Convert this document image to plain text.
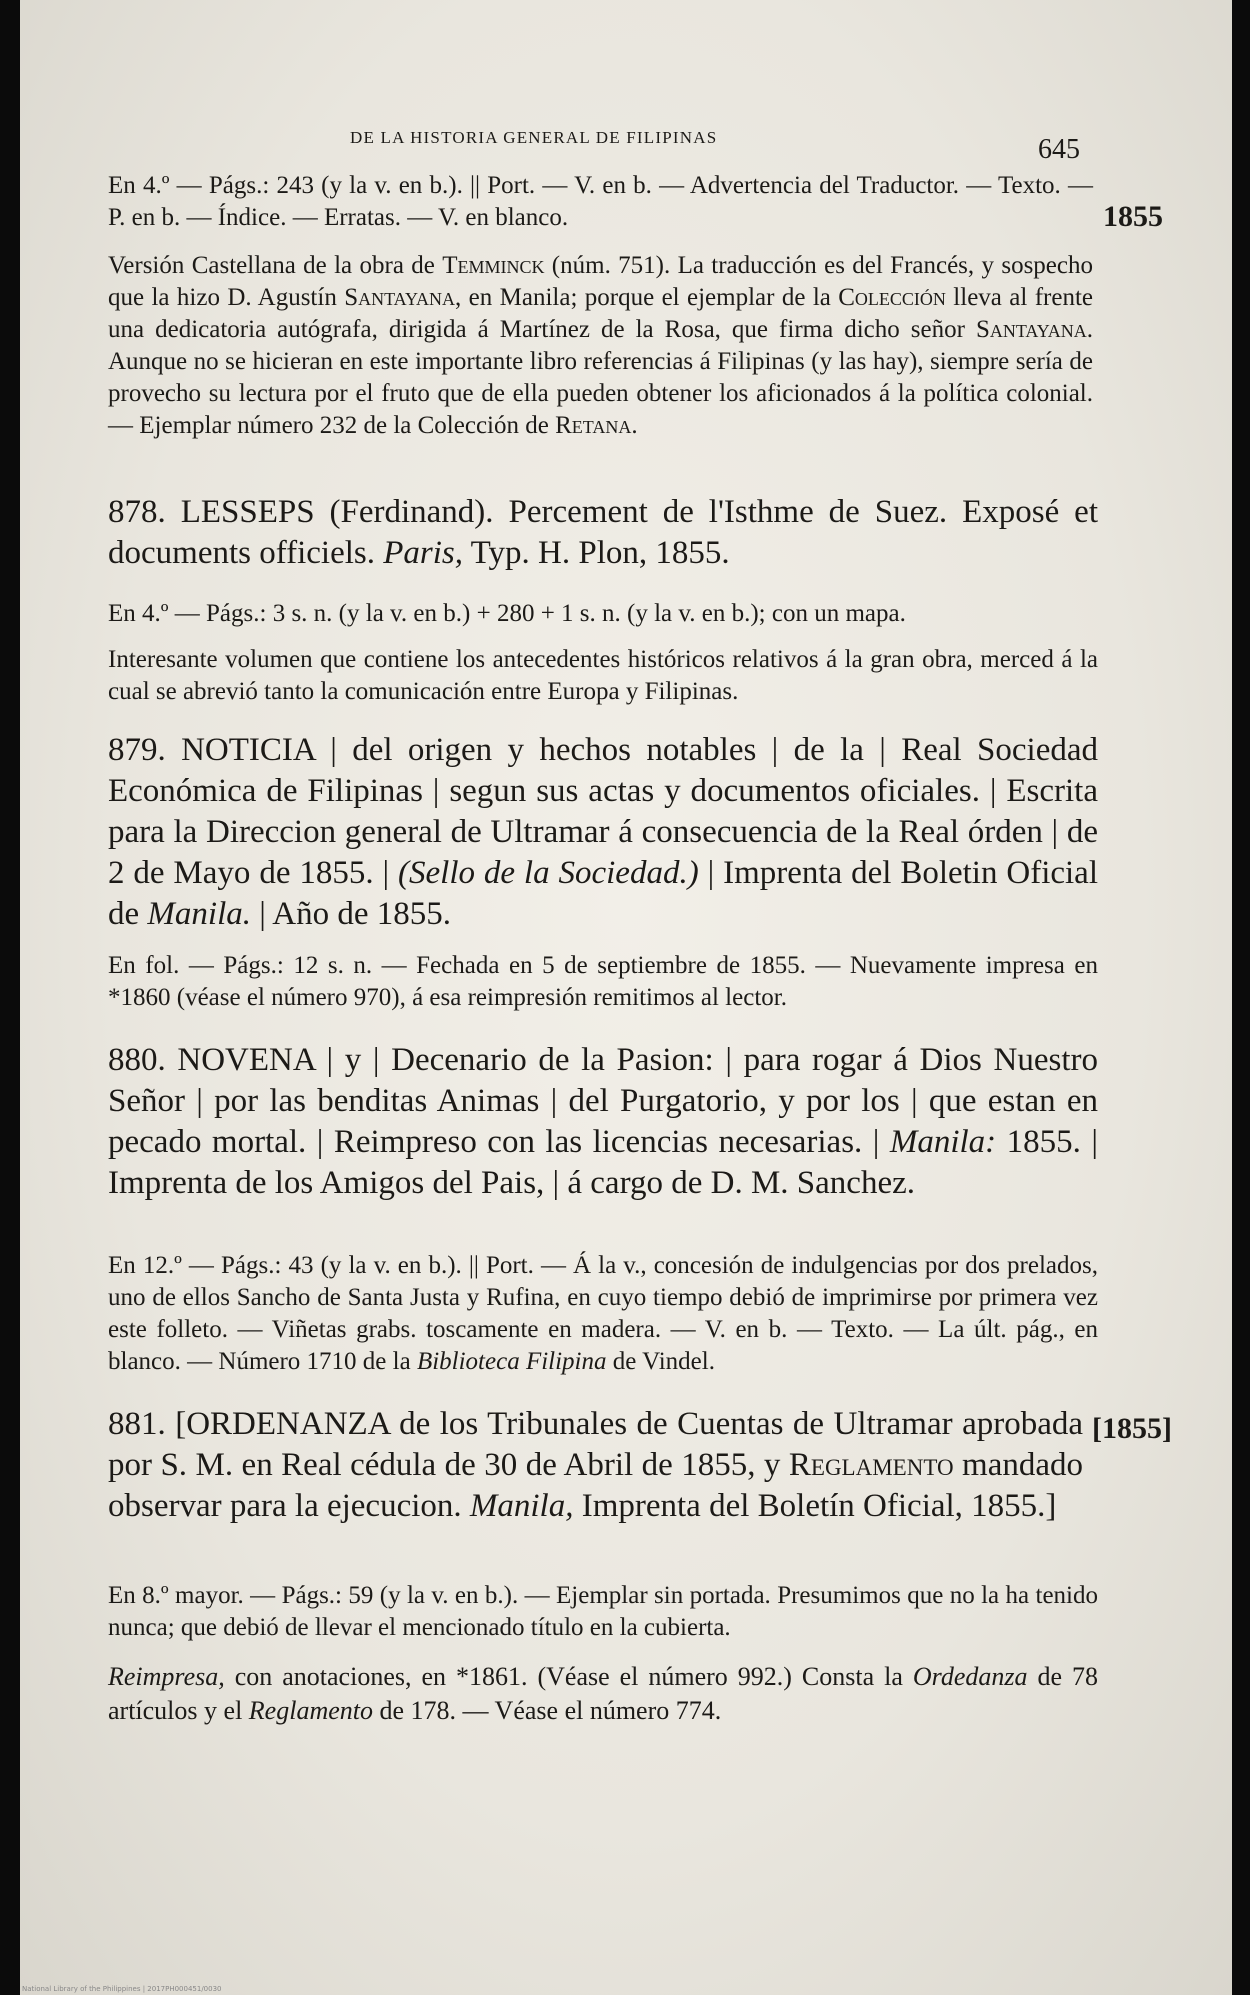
DE LA HISTORIA GENERAL DE FILIPINAS	645
1855
En 4.º — Págs.: 243 (y la v. en b.). || Port. — V. en b. — Advertencia del Traductor. — Texto. — P. en b. — Índice. — Erratas. — V. en blanco.
Versión Castellana de la obra de Temminck (núm. 751). La traducción es del Francés, y sospecho que la hizo D. Agustín Santayana, en Manila; porque el ejemplar de la Colección lleva al frente una dedicatoria autógrafa, dirigida á Martínez de la Rosa, que firma dicho señor Santayana. Aunque no se hicieran en este importante libro referencias á Filipinas (y las hay), siempre sería de provecho su lectura por el fruto que de ella pueden obtener los aficionados á la política colonial. — Ejemplar número 232 de la Colección de Retana.
878. LESSEPS (Ferdinand). Percement de l'Isthme de Suez. Exposé et documents officiels. Paris, Typ. H. Plon, 1855.
En 4.º — Págs.: 3 s. n. (y la v. en b.) + 280 + 1 s. n. (y la v. en b.); con un mapa.
Interesante volumen que contiene los antecedentes históricos relativos á la gran obra, merced á la cual se abrevió tanto la comunicación entre Europa y Filipinas.
879. NOTICIA | del origen y hechos notables | de la | Real Sociedad Económica de Filipinas | segun sus actas y documentos oficiales. | Escrita para la Direccion general de Ultramar á consecuencia de la Real órden | de 2 de Mayo de 1855. | (Sello de la Sociedad.) | Imprenta del Boletin Oficial de Manila. | Año de 1855.
En fol. — Págs.: 12 s. n. — Fechada en 5 de septiembre de 1855. — Nuevamente impresa en *1860 (véase el número 970), á esa reimpresión remitimos al lector.
880. NOVENA | y | Decenario de la Pasion: | para rogar á Dios Nuestro Señor | por las benditas Animas | del Purgatorio, y por los | que estan en pecado mortal. | Reimpreso con las licencias necesarias. | Manila: 1855. | Imprenta de los Amigos del Pais, | á cargo de D. M. Sanchez.
En 12.º — Págs.: 43 (y la v. en b.). || Port. — Á la v., concesión de indulgencias por dos prelados, uno de ellos Sancho de Santa Justa y Rufina, en cuyo tiempo debió de imprimirse por primera vez este folleto. — Viñetas grabs. toscamente en madera. — V. en b. — Texto. — La últ. pág., en blanco. — Número 1710 de la Biblioteca Filipina de Vindel.
[1855]
881. [ORDENANZA de los Tribunales de Cuentas de Ultramar aprobada por S. M. en Real cédula de 30 de Abril de 1855, y Reglamento mandado observar para la ejecucion. Manila, Imprenta del Boletín Oficial, 1855.]
En 8.º mayor. — Págs.: 59 (y la v. en b.). — Ejemplar sin portada. Presumimos que no la ha tenido nunca; que debió de llevar el mencionado título en la cubierta.
Reimpresa, con anotaciones, en *1861. (Véase el número 992.) Consta la Ordedanza de 78 artículos y el Reglamento de 178. — Véase el número 774.
National Library of the Philippines | 2017PH000451/0030
